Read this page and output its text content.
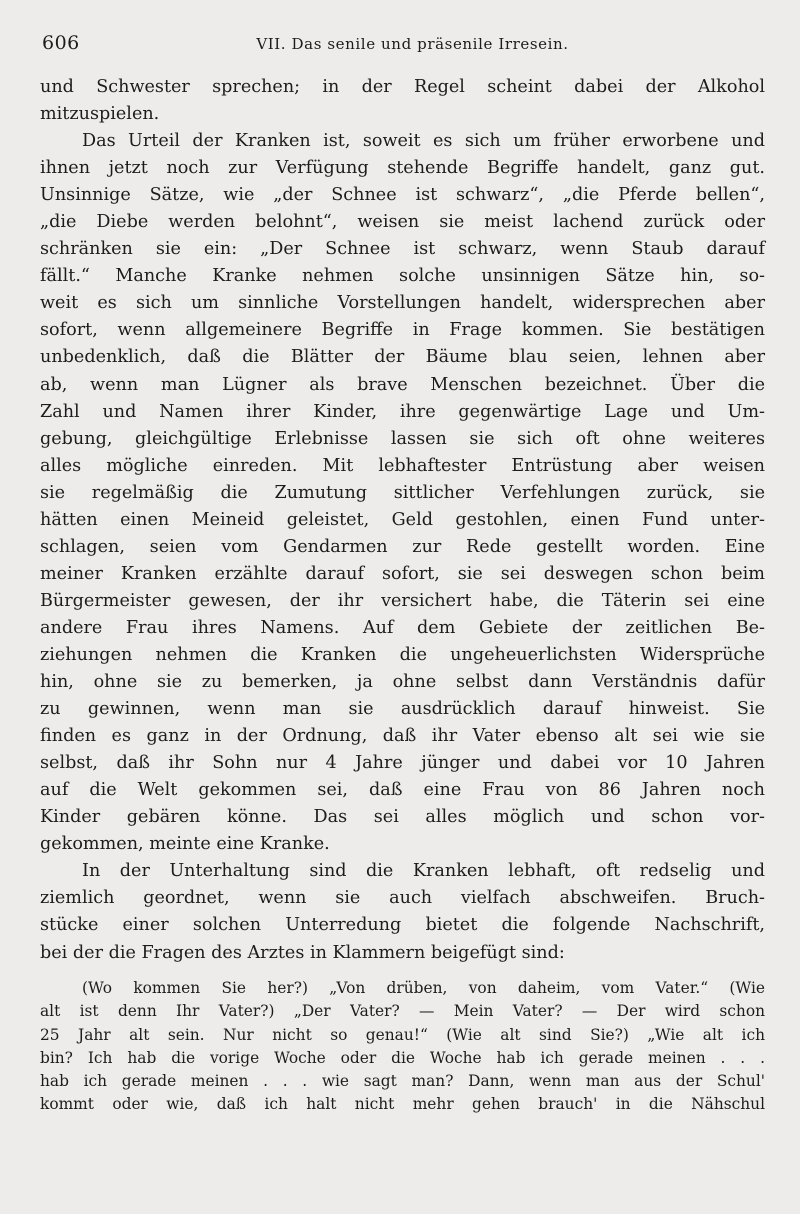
606	VII. Das senile und präsenile Irresein.
und Schwester sprechen; in der Regel scheint dabei der Alkohol
mitzuspielen.
Das Urteil der Kranken ist, soweit es sich um früher erworbene und
ihnen jetzt noch zur Verfügung stehende Begriffe handelt, ganz gut.
Unsinnige Sätze, wie „der Schnee ist schwarz“, „die Pferde bellen“,
„die Diebe werden belohnt“, weisen sie meist lachend zurück oder
schränken sie ein: „Der Schnee ist schwarz, wenn Staub darauf
fällt.“ Manche Kranke nehmen solche unsinnigen Sätze hin, so-
weit es sich um sinnliche Vorstellungen handelt, widersprechen aber
sofort, wenn allgemeinere Begriffe in Frage kommen. Sie bestätigen
unbedenklich, daß die Blätter der Bäume blau seien, lehnen aber
ab, wenn man Lügner als brave Menschen bezeichnet. Über die
Zahl und Namen ihrer Kinder, ihre gegenwärtige Lage und Um-
gebung, gleichgültige Erlebnisse lassen sie sich oft ohne weiteres
alles mögliche einreden. Mit lebhaftester Entrüstung aber weisen
sie regelmäßig die Zumutung sittlicher Verfehlungen zurück, sie
hätten einen Meineid geleistet, Geld gestohlen, einen Fund unter-
schlagen, seien vom Gendarmen zur Rede gestellt worden. Eine
meiner Kranken erzählte darauf sofort, sie sei deswegen schon beim
Bürgermeister gewesen, der ihr versichert habe, die Täterin sei eine
andere Frau ihres Namens. Auf dem Gebiete der zeitlichen Be-
ziehungen nehmen die Kranken die ungeheuerlichsten Widersprüche
hin, ohne sie zu bemerken, ja ohne selbst dann Verständnis dafür
zu gewinnen, wenn man sie ausdrücklich darauf hinweist. Sie
finden es ganz in der Ordnung, daß ihr Vater ebenso alt sei wie sie
selbst, daß ihr Sohn nur 4 Jahre jünger und dabei vor 10 Jahren
auf die Welt gekommen sei, daß eine Frau von 86 Jahren noch
Kinder gebären könne. Das sei alles möglich und schon vor-
gekommen, meinte eine Kranke.
In der Unterhaltung sind die Kranken lebhaft, oft redselig und
ziemlich geordnet, wenn sie auch vielfach abschweifen. Bruch-
stücke einer solchen Unterredung bietet die folgende Nachschrift,
bei der die Fragen des Arztes in Klammern beigefügt sind:
(Wo kommen Sie her?) „Von drüben, von daheim, vom Vater.“ (Wie
alt ist denn Ihr Vater?) „Der Vater? — Mein Vater? — Der wird schon
25 Jahr alt sein. Nur nicht so genau!“ (Wie alt sind Sie?) „Wie alt ich
bin? Ich hab die vorige Woche oder die Woche hab ich gerade meinen . . .
hab ich gerade meinen . . . wie sagt man? Dann, wenn man aus der Schul'
kommt oder wie, daß ich halt nicht mehr gehen brauch' in die Nähschul
